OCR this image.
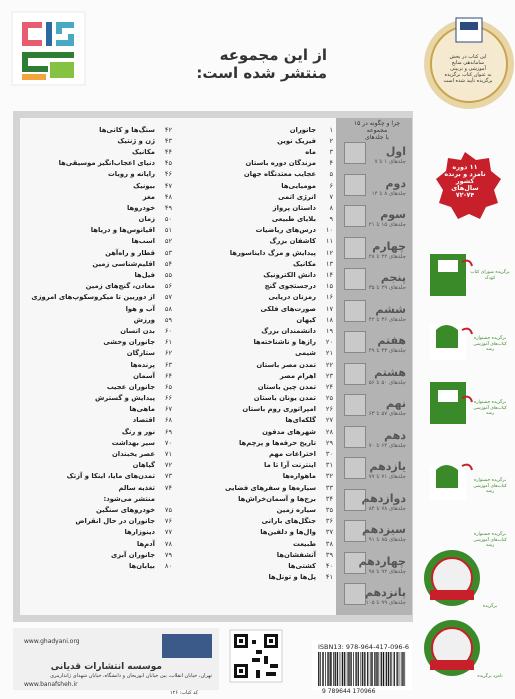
از این مجموعه
منتشر شده است:
این کتاب در بخش
ساماندهی منابع
آموزشی و تربیتی
به عنوان کتاب برگزیده
برگزیده تأیید شده است
۱۱ دوره
نامزد و برنده
کشور
سال‌های
۷۲-۷۴
چرا و چگونه در ۱۵ مجموعه
با جلدهای
اول
جلدهای ۱ تا ۷
دوم
جلدهای ۸ تا ۱۴
سوم
جلدهای ۱۵ تا ۲۱
چهارم
جلدهای ۲۲ تا ۲۸
پنجم
جلدهای ۲۹ تا ۳۵
ششم
جلدهای ۳۶ تا ۴۲
هفتم
جلدهای ۴۳ تا ۴۹
هشتم
جلدهای ۵۰ تا ۵۶
نهم
جلدهای ۵۷ تا ۶۳
دهم
جلدهای ۶۴ تا ۷۰
یازدهم
جلدهای ۷۱ تا ۷۷
دوازدهم
جلدهای ۷۸ تا ۸۴
سیزدهم
جلدهای ۸۵ تا ۹۱
چهاردهم
جلدهای ۹۲ تا ۹۸
پانزدهم
جلدهای ۹۹ تا ۱۰۵
۱
جانوران
۲
فیزیک نوین
۳
ماه
۴
مزندگان دوره باستان
۵
عجایب معتدنگاه جهان
۶
مومیایی‌ها
۷
انرژی اتمی
۸
داستان پرواز
۹
بلایای طبیعی
۱۰
درس‌های ریاضیات
۱۱
کاشفان بزرگ
۱۲
پیدایش و مرگ دایناسورها
۱۳
مکانیک
۱۴
دانش الکترونیک
۱۵
درجستجوی گنج
۱۶
رمزنان دریایی
۱۷
صورت‌های فلکی
۱۸
کیهان
۱۹
دانشمندان بزرگ
۲۰
رازها و ناشناخته‌ها
۲۱
شیمی
۲۲
تمدن مصر باستان
۲۳
اهرام مصر
۲۴
تمدن چین باستان
۲۵
تمدن یونان باستان
۲۶
امپراتوری روم باستان
۲۷
گلکه‌ای‌ها
۲۸
شهرهای مدفون
۲۹
تاریخ حرفه‌ها و پرچم‌ها
۳۰
اختراعات مهم
۳۱
اینترنت آرا تا ما
۳۲
ماهواره‌ها
۳۳
سیاره‌ها و سفرهای فضایی
۳۴
برج‌ها و آسمان‌خراش‌ها
۳۵
سیاره زمین
۳۶
جنگل‌های بارانی
۳۷
وال‌ها و دلفین‌ها
۳۸
طبیعت
۳۹
آتشفشان‌ها
۴۰
کشتی‌ها
۴۱
پل‌ها و تونل‌ها
۴۲
سنگ‌ها و کانی‌ها
۴۳
ژن و ژنتیک
۴۴
مکانیک
۴۵
دنیای اعجاب‌انگیز موسیقی‌ها
۴۶
رایانه و روبات
۴۷
بیونیک
۴۸
مغز
۴۹
خودروها
۵۰
زمان
۵۱
اقیانوس‌ها و دریاها
۵۲
اسب‌ها
۵۳
قطار و راه‌آهن
۵۴
اقلیم‌شناسی زمین
۵۵
فیل‌ها
۵۶
معادن، گنج‌های زمین
۵۷
از دوربین تا میکروسکوپ‌های امروزی
۵۸
آب و هوا
۵۹
ورزش
۶۰
بدن انسان
۶۱
جانوران وحشی
۶۲
ستارگان
۶۳
پرنده‌ها
۶۴
آسمان
۶۵
جانوران عجیب
۶۶
پیدایش و گسترش
۶۷
ماهی‌ها
۶۸
اقتصاد
۶۹
نور و رنگ
۷۰
سیر بهداشت
۷۱
عصر یخبندان
۷۲
گیاهان
۷۳
تمدن‌های مایا، اینکا و آزتک
۷۴
تغذیه سالم
منتشر می‌شود:
۷۵
خودروهای سنگین
۷۶
جانوران در حال انقراض
۷۷
دینوزارها
۷۸
آدم‌ها
۷۹
جانوران آبزی
۸۰
بیابان‌ها
برگزیده شورای کتاب کودک
برگزیده جشنواره کتاب‌های آموزشی رشد
برگزیده جشنواره کتاب‌های آموزشی رشد
برگزیده جشنواره کتاب‌های آموزشی رشد
برگزیده جشنواره کتاب‌های آموزشی رشد
برگزیده
نامزد برگزیده
موسسه انتشارات قدیانی
www.ghadyani.org
www.banafsheh.ir
تهران، خیابان انقلاب، بین خیابان ابوریحان و دانشگاه، خیابان شهدای ژاندارمری
ISBN13: 978-964-417-096-6
9 789644 170966
کد کتاب: ۱۲۶
